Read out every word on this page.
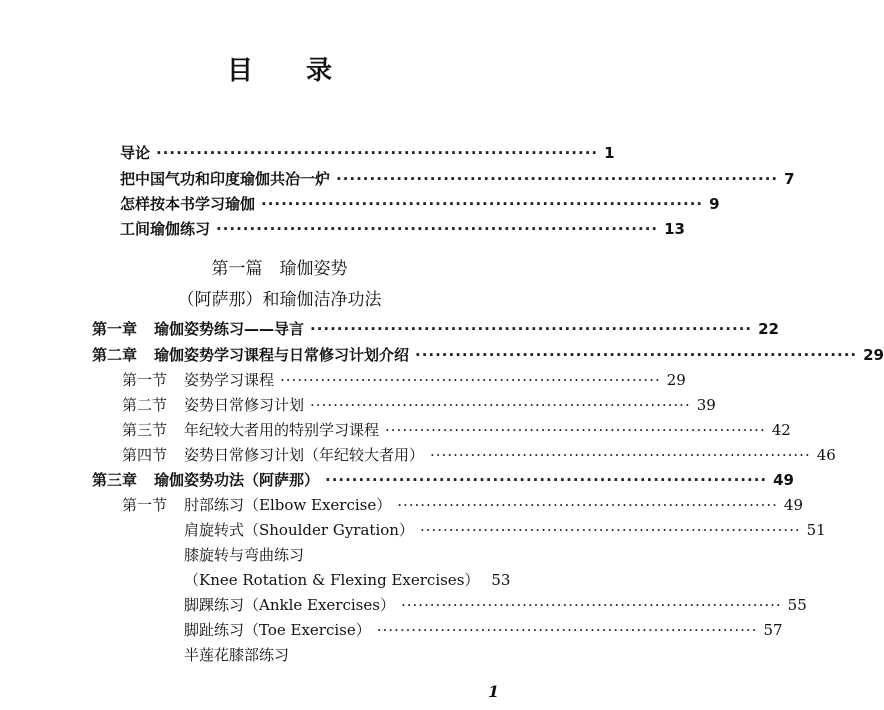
目 录
导论 ·································································· 1
把中国气功和印度瑜伽共冶一炉 ·································································· 7
怎样按本书学习瑜伽 ·································································· 9
工间瑜伽练习 ·································································· 13
第一篇　瑜伽姿势
（阿萨那）和瑜伽洁净功法
第一章 瑜伽姿势练习——导言 ·································································· 22
第二章 瑜伽姿势学习课程与日常修习计划介绍 ·································································· 29
第一节 姿势学习课程 ·································································· 29
第二节 姿势日常修习计划 ·································································· 39
第三节 年纪较大者用的特别学习课程 ·································································· 42
第四节 姿势日常修习计划（年纪较大者用） ·································································· 46
第三章 瑜伽姿势功法（阿萨那） ·································································· 49
第一节 肘部练习（Elbow Exercise） ·································································· 49
肩旋转式（Shoulder Gyration） ·································································· 51
膝旋转与弯曲练习
（Knee Rotation & Flexing Exercises） 53
脚踝练习（Ankle Exercises） ·································································· 55
脚趾练习（Toe Exercise） ·································································· 57
半莲花膝部练习
1
